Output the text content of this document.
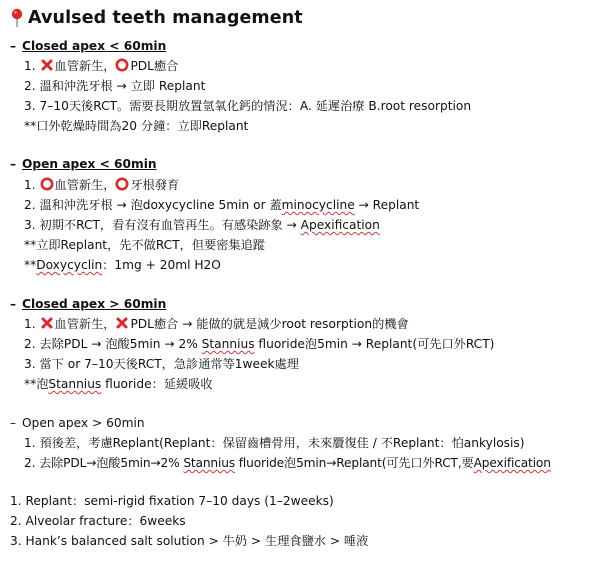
Avulsed teeth management
– Closed apex < 60min
1. 血管新生，○PDL癒合
2. 溫和沖洗牙根 → 立即 Replant
3. 7–10天後RCT。需要長期放置氫氧化鈣的情況：A. 延遲治療 B.root resorption
**口外乾燥時間為20 分鐘：立即Replant
– Open apex < 60min
1. ○血管新生，○牙根發育
2. 溫和沖洗牙根 → 泡doxycycline 5min or 蓋minocycline → Replant
3. 初期不RCT，看有沒有血管再生。有感染跡象 → Apexification
**立即Replant，先不做RCT，但要密集追蹤
**Doxycyclin：1mg + 20ml H2O
– Closed apex > 60min
1. 血管新生， PDL癒合 → 能做的就是減少root resorption的機會
2. 去除PDL → 泡酸5min → 2% Stannius fluoride泡5min → Replant(可先口外RCT)
3. 當下 or 7–10天後RCT，急診通常等1week處理
**泡Stannius fluoride：延緩吸收
– Open apex > 60min
1. 預後差，考慮Replant(Replant：保留齒槽骨用，未來贗復佳 / 不Replant：怕ankylosis)
2. 去除PDL→泡酸5min→2% Stannius fluoride泡5min→Replant(可先口外RCT,要Apexification
1. Replant：semi-rigid fixation 7–10 days (1–2weeks)
2. Alveolar fracture：6weeks
3. Hank’s balanced salt solution > 牛奶 > 生理食鹽水 > 唾液
